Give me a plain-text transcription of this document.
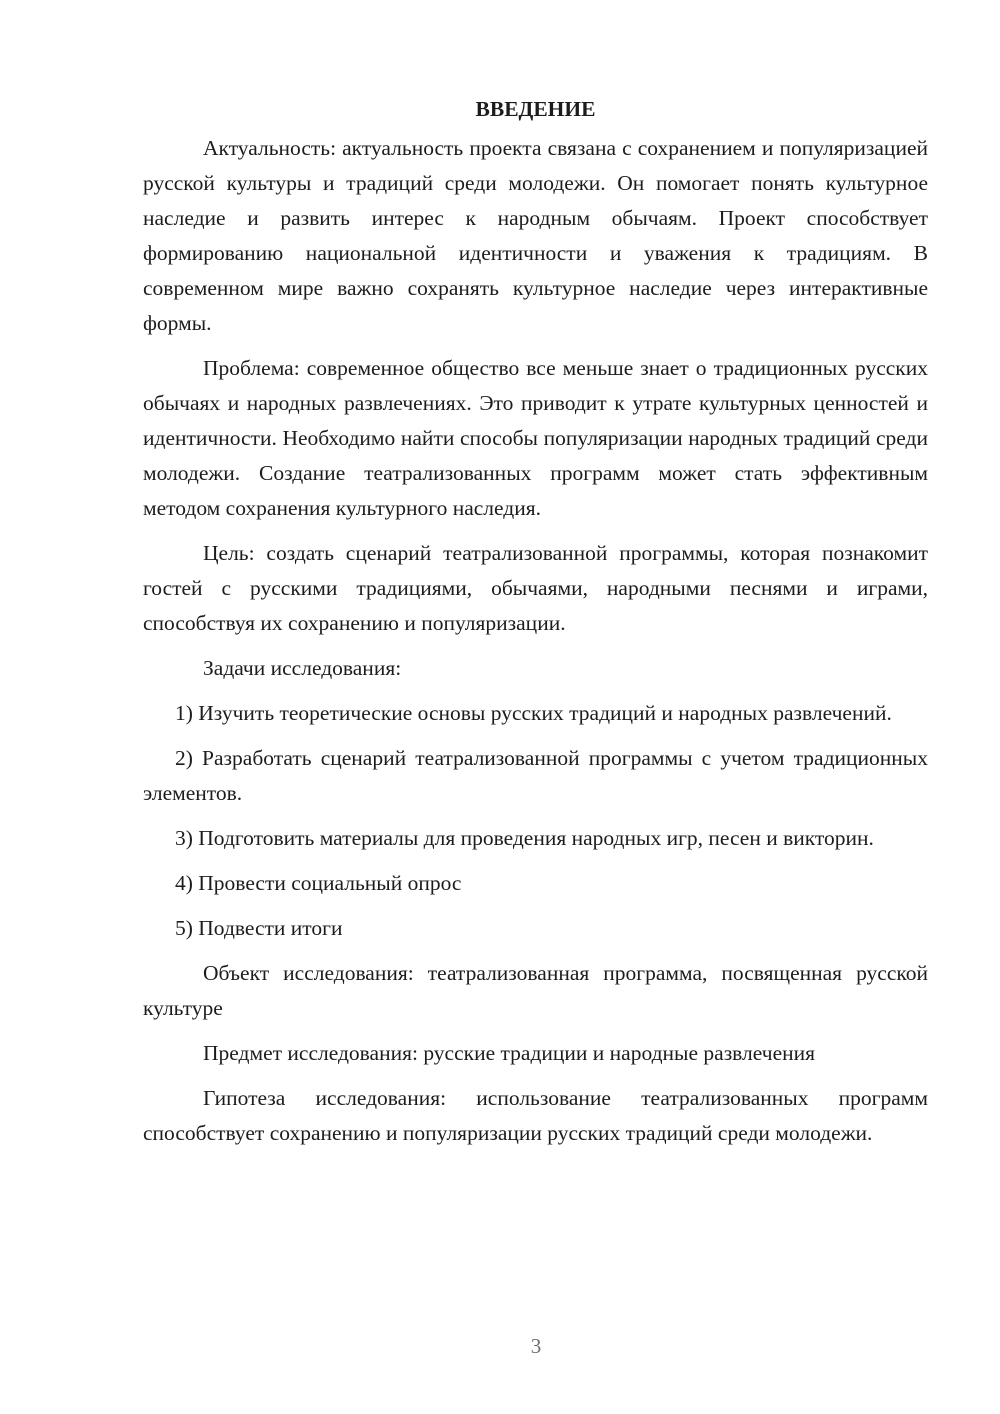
ВВЕДЕНИЕ

Актуальность: актуальность проекта связана с сохранением и популяризацией русской культуры и традиций среди молодежи. Он помогает понять культурное наследие и развить интерес к народным обычаям. Проект способствует формированию национальной идентичности и уважения к традициям. В современном мире важно сохранять культурное наследие через интерактивные формы.

Проблема: современное общество все меньше знает о традиционных русских обычаях и народных развлечениях. Это приводит к утрате культурных ценностей и идентичности. Необходимо найти способы популяризации народных традиций среди молодежи. Создание театрализованных программ может стать эффективным методом сохранения культурного наследия.

Цель: создать сценарий театрализованной программы, которая познакомит гостей с русскими традициями, обычаями, народными песнями и играми, способствуя их сохранению и популяризации.

Задачи исследования:

1) Изучить теоретические основы русских традиций и народных развлечений.

2) Разработать сценарий театрализованной программы с учетом традиционных элементов.

3) Подготовить материалы для проведения народных игр, песен и викторин.

4) Провести социальный опрос

5) Подвести итоги

Объект исследования: театрализованная программа, посвященная русской культуре

Предмет исследования: русские традиции и народные развлечения

Гипотеза исследования: использование театрализованных программ способствует сохранению и популяризации русских традиций среди молодежи.

3
